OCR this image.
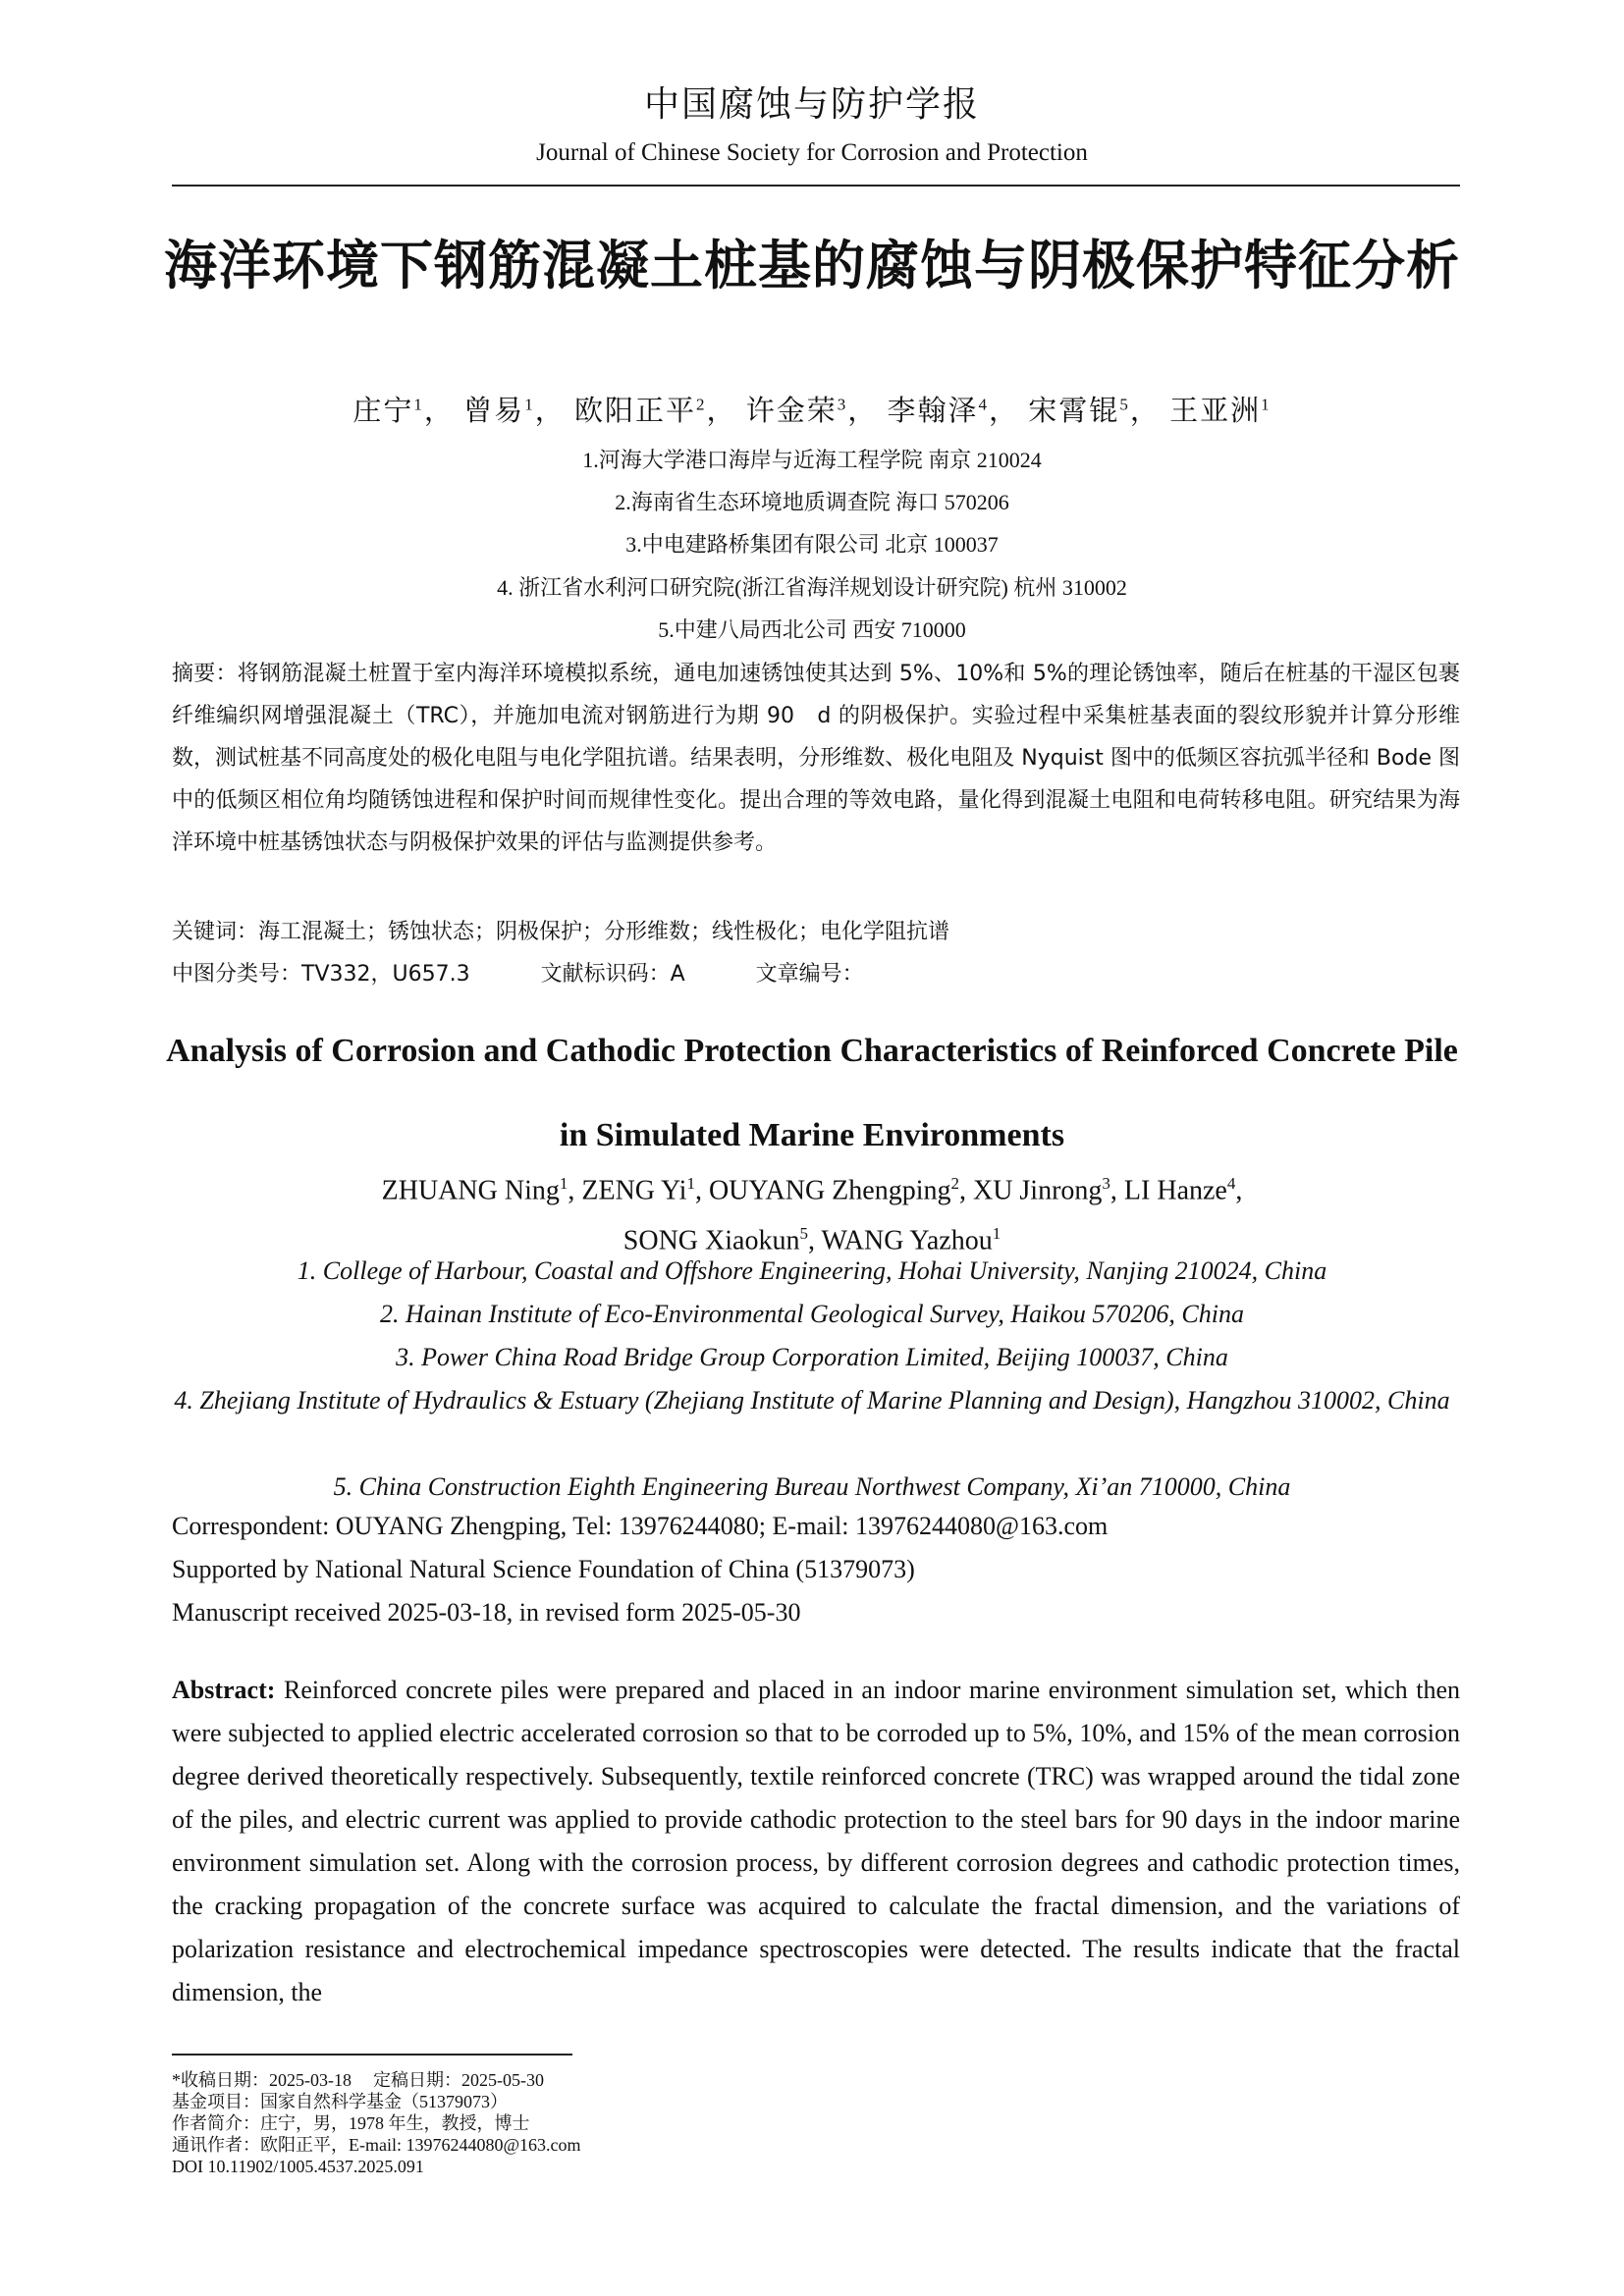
中国腐蚀与防护学报
Journal of Chinese Society for Corrosion and Protection
海洋环境下钢筋混凝土桩基的腐蚀与阴极保护特征分析
庄宁$^1$， 曾易$^1$， 欧阳正平$^2$， 许金荣$^3$， 李翰泽$^4$， 宋霄锟$^5$， 王亚洲$^1$
1.河海大学港口海岸与近海工程学院 南京 210024
2.海南省生态环境地质调查院 海口 570206
3.中电建路桥集团有限公司 北京 100037
4. 浙江省水利河口研究院(浙江省海洋规划设计研究院) 杭州 310002
5.中建八局西北公司 西安 710000
摘要：将钢筋混凝土桩置于室内海洋环境模拟系统，通电加速锈蚀使其达到 5%、10%和 5%的理论锈蚀率，随后在桩基的干湿区包裹纤维编织网增强混凝土（TRC），并施加电流对钢筋进行为期 90　d 的阴极保护。实验过程中采集桩基表面的裂纹形貌并计算分形维数，测试桩基不同高度处的极化电阻与电化学阻抗谱。结果表明，分形维数、极化电阻及 Nyquist 图中的低频区容抗弧半径和 Bode 图中的低频区相位角均随锈蚀进程和保护时间而规律性变化。提出合理的等效电路，量化得到混凝土电阻和电荷转移电阻。研究结果为海洋环境中桩基锈蚀状态与阴极保护效果的评估与监测提供参考。
关键词：海工混凝土；锈蚀状态；阴极保护；分形维数；线性极化；电化学阻抗谱
中图分类号：TV332，U657.3	文献标识码：A	文章编号：
Analysis of Corrosion and Cathodic Protection Characteristics of Reinforced Concrete Pile in Simulated Marine Environments
ZHUANG Ning$^1$, ZENG Yi$^1$, OUYANG Zhengping$^2$, XU Jinrong$^3$, LI Hanze$^4$,
SONG Xiaokun$^5$, WANG Yazhou$^1$
1. College of Harbour, Coastal and Offshore Engineering, Hohai University, Nanjing 210024, China
2. Hainan Institute of Eco-Environmental Geological Survey, Haikou 570206, China
3. Power China Road Bridge Group Corporation Limited, Beijing 100037, China
4. Zhejiang Institute of Hydraulics & Estuary (Zhejiang Institute of Marine Planning and Design), Hangzhou 310002, China
5. China Construction Eighth Engineering Bureau Northwest Company, Xi’an 710000, China
Correspondent: OUYANG Zhengping, Tel: 13976244080; E-mail: 13976244080@163.com
Supported by National Natural Science Foundation of China (51379073)
Manuscript received 2025-03-18, in revised form 2025-05-30
Abstract: Reinforced concrete piles were prepared and placed in an indoor marine environment simulation set, which then were subjected to applied electric accelerated corrosion so that to be corroded up to 5%, 10%, and 15% of the mean corrosion degree derived theoretically respectively. Subsequently, textile reinforced concrete (TRC) was wrapped around the tidal zone of the piles, and electric current was applied to provide cathodic protection to the steel bars for 90 days in the indoor marine environment simulation set. Along with the corrosion process, by different corrosion degrees and cathodic protection times, the cracking propagation of the concrete surface was acquired to calculate the fractal dimension, and the variations of polarization resistance and electrochemical impedance spectroscopies were detected. The results indicate that the fractal dimension, the
*收稿日期：2025-03-18 定稿日期：2025-05-30
基金项目：国家自然科学基金（51379073）
作者简介：庄宁，男，1978 年生，教授，博士
通讯作者：欧阳正平，E-mail: 13976244080@163.com
DOI 10.11902/1005.4537.2025.091
